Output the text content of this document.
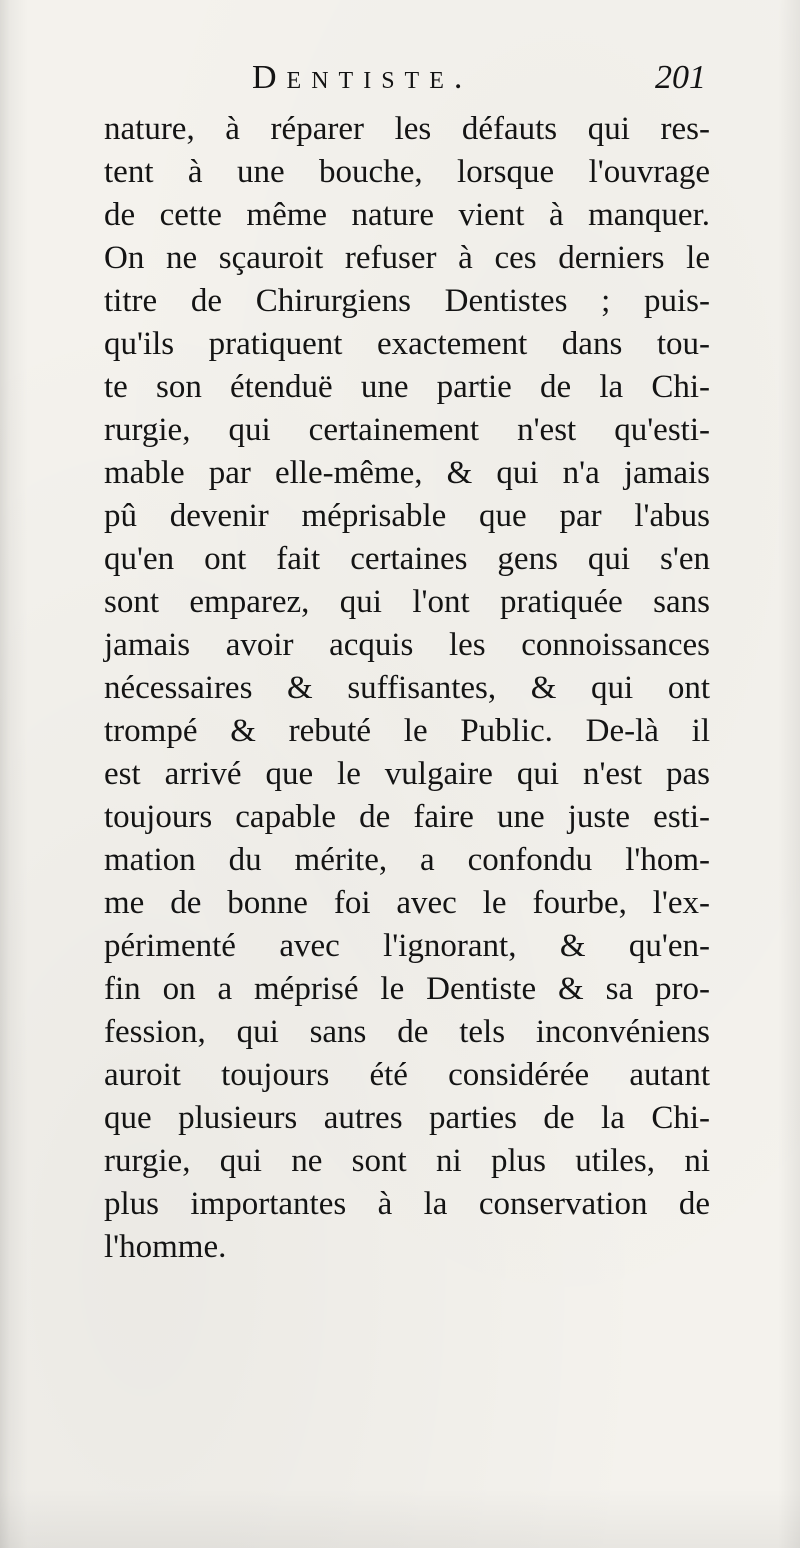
Dentiste.	201
nature, à réparer les défauts qui res-
tent à une bouche, lorsque l'ouvrage
de cette même nature vient à manquer.
On ne sçauroit refuser à ces derniers le
titre de Chirurgiens Dentistes ; puis-
qu'ils pratiquent exactement dans tou-
te son étenduë une partie de la Chi-
rurgie, qui certainement n'est qu'esti-
mable par elle-même, & qui n'a jamais
pû devenir méprisable que par l'abus
qu'en ont fait certaines gens qui s'en
sont emparez, qui l'ont pratiquée sans
jamais avoir acquis les connoissances
nécessaires & suffisantes, & qui ont
trompé & rebuté le Public. De-là il
est arrivé que le vulgaire qui n'est pas
toujours capable de faire une juste esti-
mation du mérite, a confondu l'hom-
me de bonne foi avec le fourbe, l'ex-
périmenté avec l'ignorant, & qu'en-
fin on a méprisé le Dentiste & sa pro-
fession, qui sans de tels inconvéniens
auroit toujours été considérée autant
que plusieurs autres parties de la Chi-
rurgie, qui ne sont ni plus utiles, ni
plus importantes à la conservation de
l'homme.
